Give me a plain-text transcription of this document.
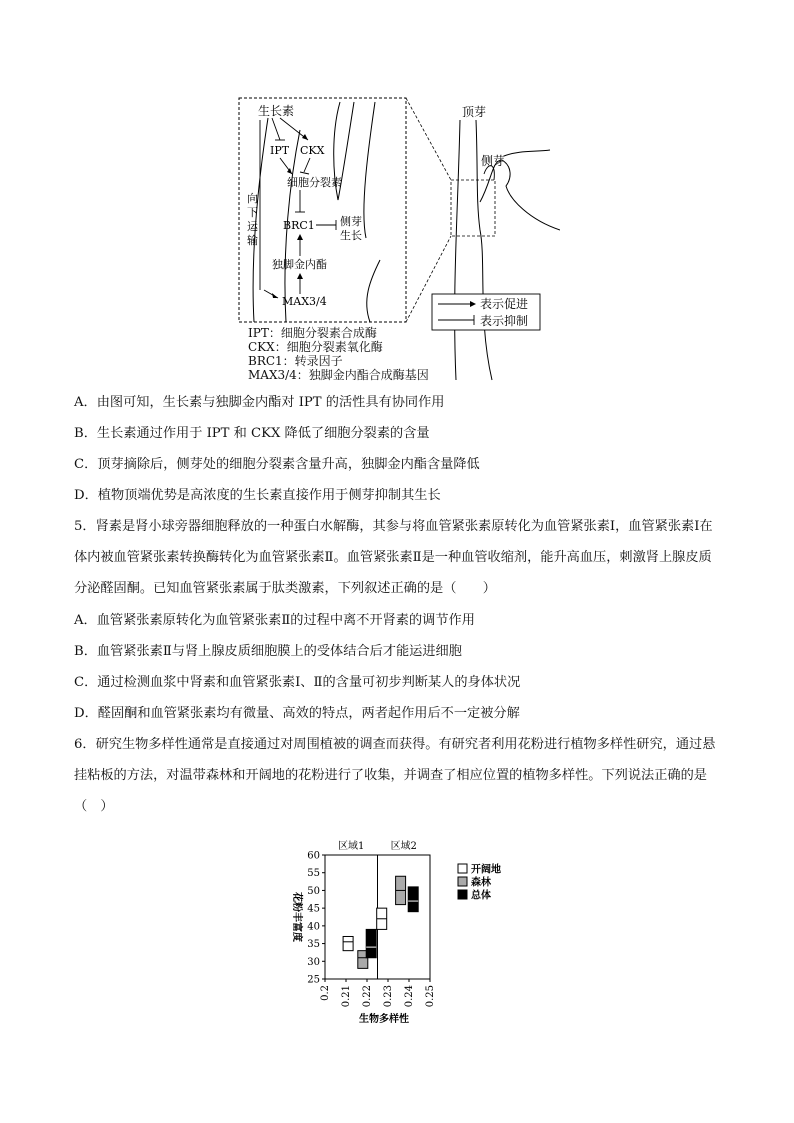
生长素
IPT CKX
细胞分裂素
BRC1 侧芽
生长
向
下
运
输
独脚金内酯
MAX3/4
顶芽
侧芽
表示促进
表示抑制
IPT：细胞分裂素合成酶
CKX：细胞分裂素氧化酶
BRC1：转录因子
MAX3/4：独脚金内酯合成酶基因
A．由图可知，生长素与独脚金内酯对 IPT 的活性具有协同作用
B．生长素通过作用于 IPT 和 CKX 降低了细胞分裂素的含量
C．顶芽摘除后，侧芽处的细胞分裂素含量升高，独脚金内酯含量降低
D．植物顶端优势是高浓度的生长素直接作用于侧芽抑制其生长
5．肾素是肾小球旁器细胞释放的一种蛋白水解酶，其参与将血管紧张素原转化为血管紧张素Ⅰ，血管紧张素Ⅰ在体内被血管紧张素转换酶转化为血管紧张素Ⅱ。血管紧张素Ⅱ是一种血管收缩剂，能升高血压，刺激肾上腺皮质分泌醛固酮。已知血管紧张素属于肽类激素，下列叙述正确的是（　　）
A．血管紧张素原转化为血管紧张素Ⅱ的过程中离不开肾素的调节作用
B．血管紧张素Ⅱ与肾上腺皮质细胞膜上的受体结合后才能运进细胞
C．通过检测血浆中肾素和血管紧张素Ⅰ、Ⅱ的含量可初步判断某人的身体状况
D．醛固酮和血管紧张素均有微量、高效的特点，两者起作用后不一定被分解
6．研究生物多样性通常是直接通过对周围植被的调查而获得。有研究者利用花粉进行植物多样性研究，通过悬挂粘板的方法，对温带森林和开阔地的花粉进行了收集，并调查了相应位置的植物多样性。下列说法正确的是（　）
区域1	区域2
花粉丰富度
生物多样性
25
30
35
40
45
50
55
60
0.2 0.21 0.22 0.23 0.24 0.25
开阔地
森林
总体
